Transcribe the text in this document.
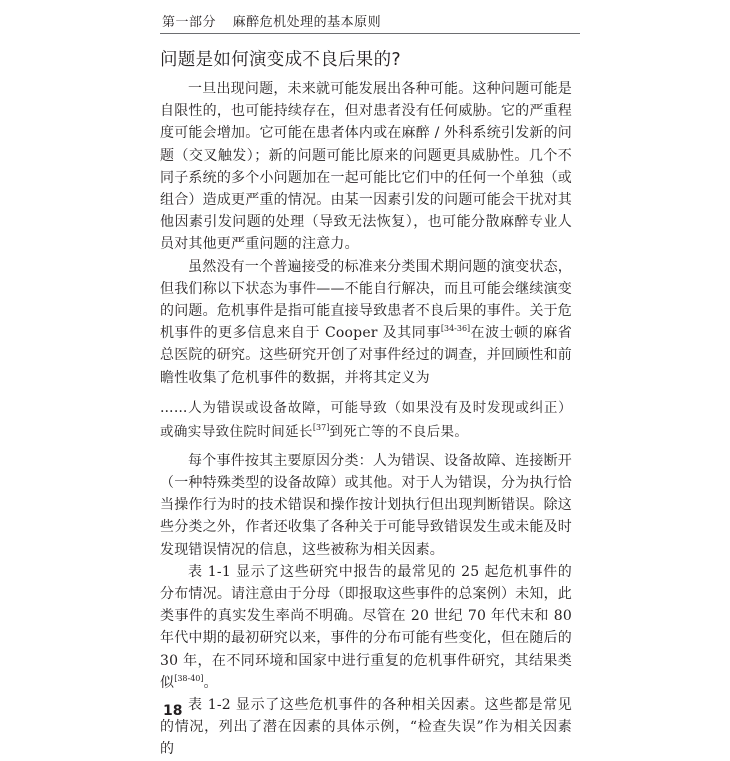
第一部分 麻醉危机处理的基本原则
问题是如何演变成不良后果的?

一旦出现问题，未来就可能发展出各种可能。这种问题可能是自限性的，也可能持续存在，但对患者没有任何威胁。它的严重程度可能会增加。它可能在患者体内或在麻醉 / 外科系统引发新的问题（交叉触发）；新的问题可能比原来的问题更具威胁性。几个不同子系统的多个小问题加在一起可能比它们中的任何一个单独（或组合）造成更严重的情况。由某一因素引发的问题可能会干扰对其他因素引发问题的处理（导致无法恢复），也可能分散麻醉专业人员对其他更严重问题的注意力。

虽然没有一个普遍接受的标准来分类围术期问题的演变状态，但我们称以下状态为事件——不能自行解决，而且可能会继续演变的问题。危机事件是指可能直接导致患者不良后果的事件。关于危机事件的更多信息来自于 Cooper 及其同事[34-36]在波士顿的麻省总医院的研究。这些研究开创了对事件经过的调查，并回顾性和前瞻性收集了危机事件的数据，并将其定义为

……人为错误或设备故障，可能导致（如果没有及时发现或纠正）或确实导致住院时间延长[37]到死亡等的不良后果。

每个事件按其主要原因分类：人为错误、设备故障、连接断开（一种特殊类型的设备故障）或其他。对于人为错误，分为执行恰当操作行为时的技术错误和操作按计划执行但出现判断错误。除这些分类之外，作者还收集了各种关于可能导致错误发生或未能及时发现错误情况的信息，这些被称为相关因素。

表 1-1 显示了这些研究中报告的最常见的 25 起危机事件的分布情况。请注意由于分母（即报取这些事件的总案例）未知，此类事件的真实发生率尚不明确。尽管在 20 世纪 70 年代末和 80 年代中期的最初研究以来，事件的分布可能有些变化，但在随后的 30 年，在不同环境和国家中进行重复的危机事件研究，其结果类似[38-40]。

表 1-2 显示了这些危机事件的各种相关因素。这些都是常见的情况，列出了潜在因素的具体示例，“检查失误”作为相关因素的

18
